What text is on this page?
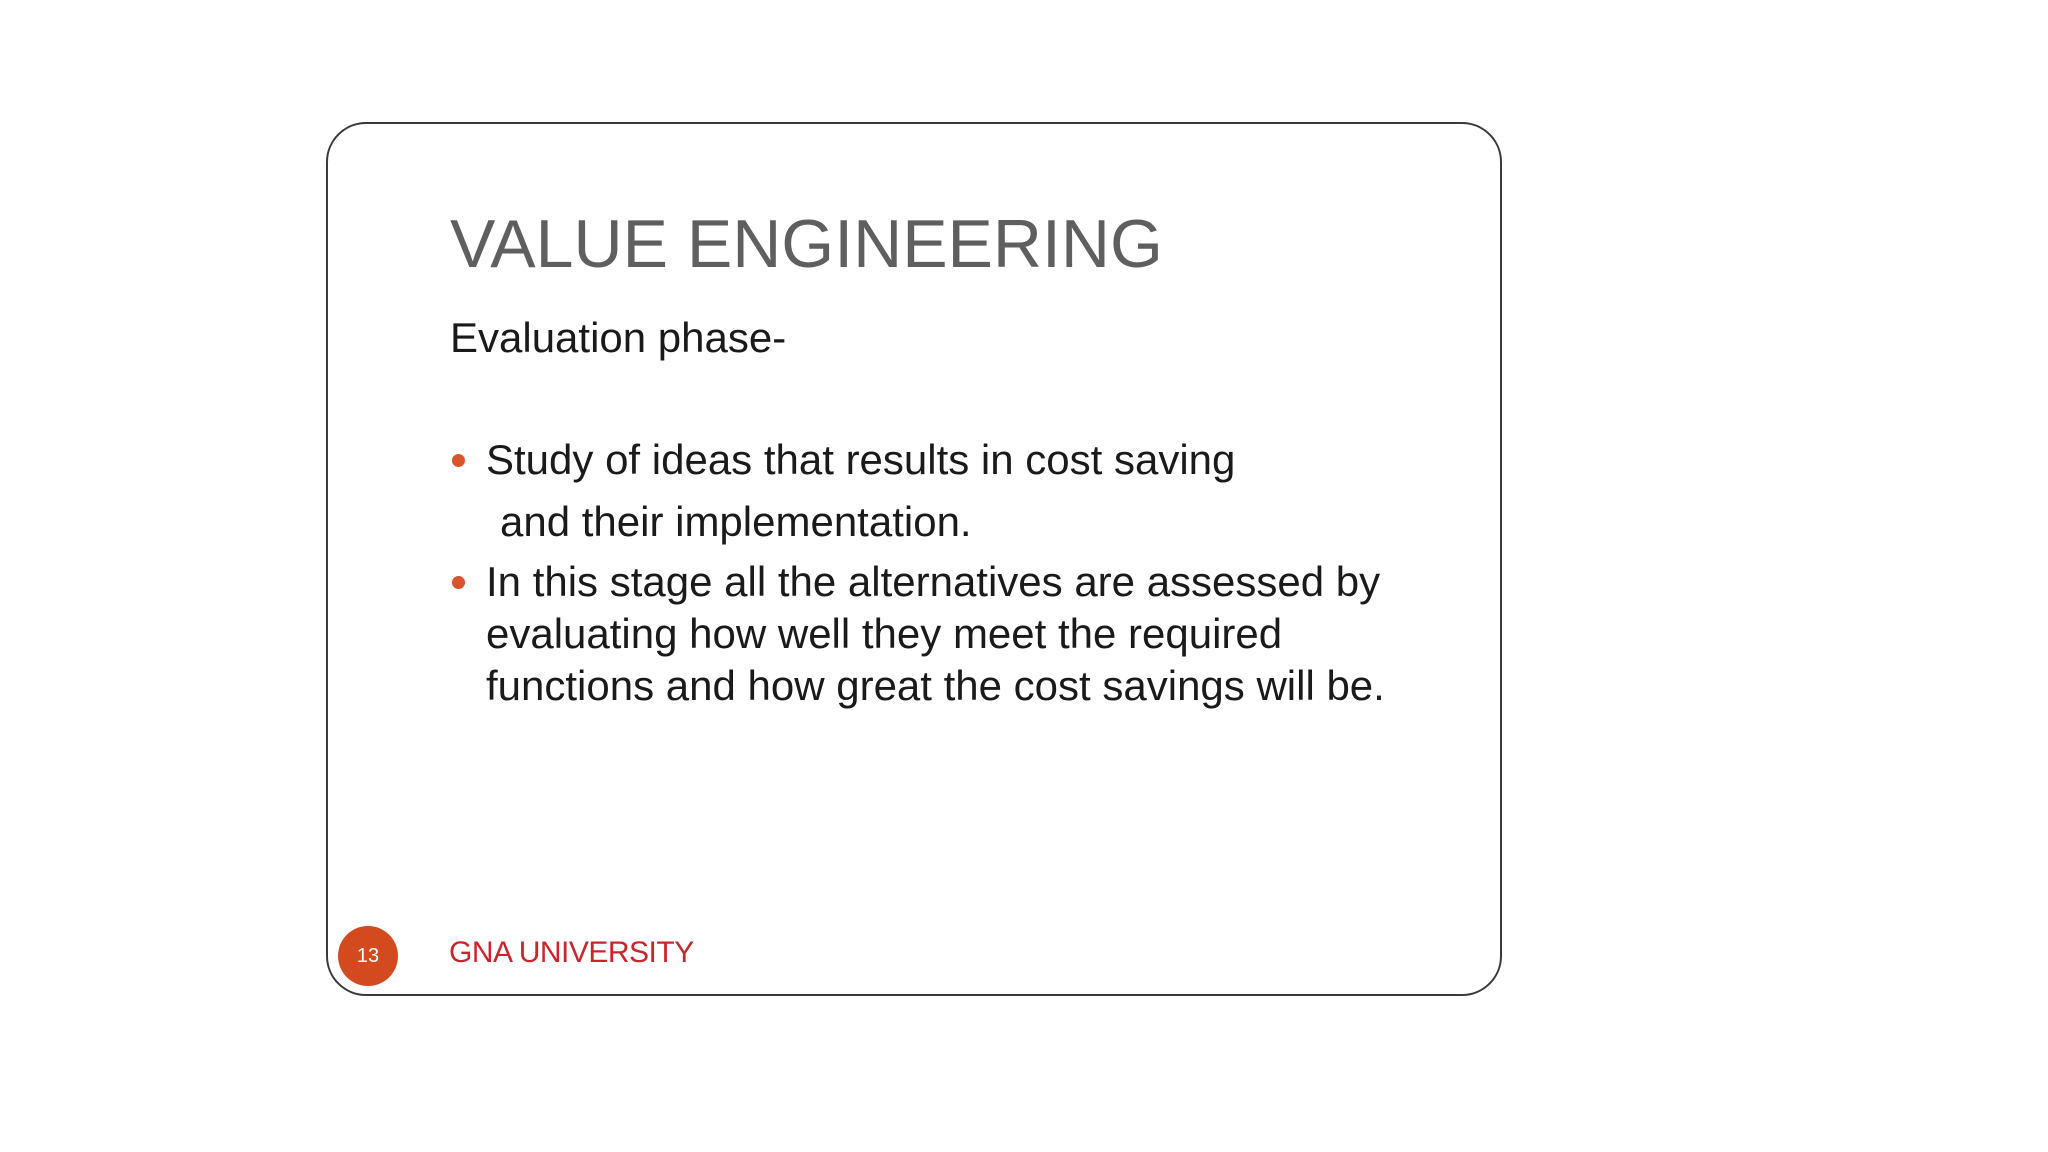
VALUE ENGINEERING

Evaluation phase-

Study of ideas that results in cost saving
and their implementation.
In this stage all the alternatives are assessed by
evaluating how well they meet the required
functions and how great the cost savings will be.
13	GNA UNIVERSITY
